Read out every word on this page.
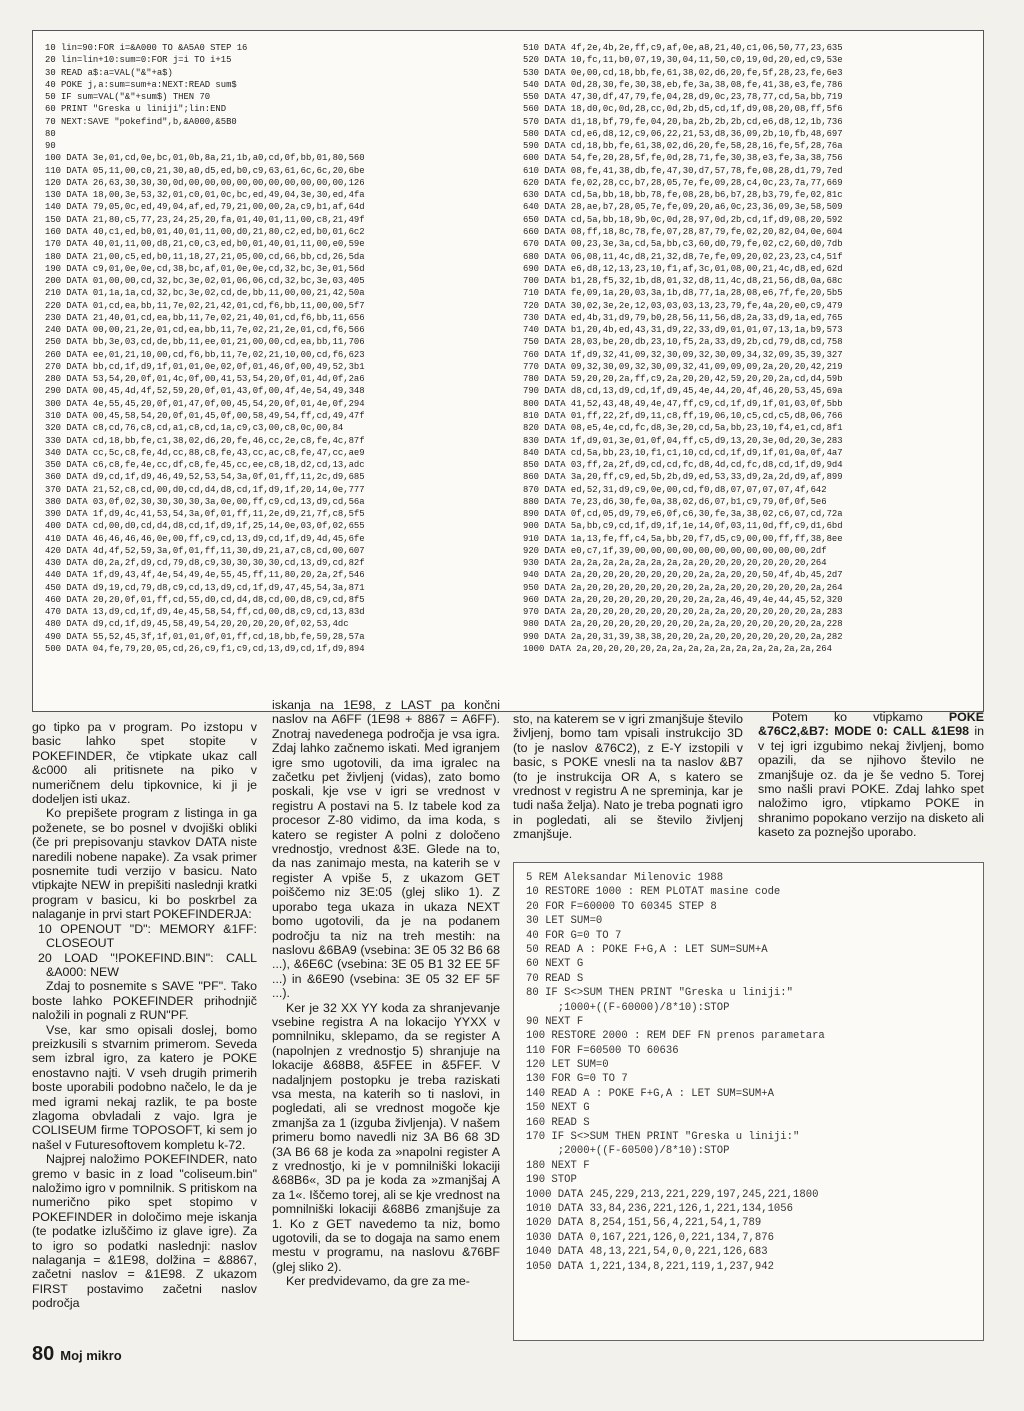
10 lin=90:FOR i=&A000 TO &A5A0 STEP 16
20 lin=lin+10:sum=0:FOR j=i TO i+15
30 READ a$:a=VAL("&"+a$)
40 POKE j,a:sum=sum+a:NEXT:READ sum$
50 IF sum=VAL("&"+sum$) THEN 70
60 PRINT "Greska u liniji";lin:END
70 NEXT:SAVE "pokefind",b,&A000,&5B0
80
90
100 DATA 3e,01,cd,0e,bc,01,0b,8a,21,1b,a0,cd,0f,bb,01,80,560
110 DATA 05,11,00,c0,21,30,a0,d5,ed,b0,c9,63,61,6c,6c,20,6be
120 DATA 26,63,30,30,30,0d,00,00,00,00,00,00,00,00,00,00,126
130 DATA 18,00,3e,53,32,01,c0,01,0c,bc,ed,49,04,3e,30,ed,4fa
140 DATA 79,05,0c,ed,49,04,af,ed,79,21,00,00,2a,c9,b1,af,64d
150 DATA 21,80,c5,77,23,24,25,20,fa,01,40,01,11,00,c8,21,49f
160 DATA 40,c1,ed,b0,01,40,01,11,00,d0,21,80,c2,ed,b0,01,6c2
170 DATA 40,01,11,00,d8,21,c0,c3,ed,b0,01,40,01,11,00,e0,59e
180 DATA 21,00,c5,ed,b0,11,18,27,21,05,00,cd,66,bb,cd,26,5da
190 DATA c9,01,0e,0e,cd,38,bc,af,01,0e,0e,cd,32,bc,3e,01,56d
200 DATA 01,00,00,cd,32,bc,3e,02,01,06,06,cd,32,bc,3e,03,405
210 DATA 01,1a,1a,cd,32,bc,3e,02,cd,de,bb,11,00,00,21,42,50a
220 DATA 01,cd,ea,bb,11,7e,02,21,42,01,cd,f6,bb,11,00,00,5f7
230 DATA 21,40,01,cd,ea,bb,11,7e,02,21,40,01,cd,f6,bb,11,656
240 DATA 00,00,21,2e,01,cd,ea,bb,11,7e,02,21,2e,01,cd,f6,566
250 DATA bb,3e,03,cd,de,bb,11,ee,01,21,00,00,cd,ea,bb,11,706
260 DATA ee,01,21,10,00,cd,f6,bb,11,7e,02,21,10,00,cd,f6,623
270 DATA bb,cd,1f,d9,1f,01,01,0e,02,0f,01,46,0f,00,49,52,3b1
280 DATA 53,54,20,0f,01,4c,0f,00,41,53,54,20,0f,01,4d,0f,2a6
290 DATA 00,45,4d,4f,52,59,20,0f,01,43,0f,00,4f,4e,54,49,348
300 DATA 4e,55,45,20,0f,01,47,0f,00,45,54,20,0f,01,4e,0f,294
310 DATA 00,45,58,54,20,0f,01,45,0f,00,58,49,54,ff,cd,49,47f
320 DATA c8,cd,76,c8,cd,a1,c8,cd,1a,c9,c3,00,c8,0c,00,84
330 DATA cd,18,bb,fe,c1,38,02,d6,20,fe,46,cc,2e,c8,fe,4c,87f
340 DATA cc,5c,c8,fe,4d,cc,88,c8,fe,43,cc,ac,c8,fe,47,cc,ae9
350 DATA c6,c8,fe,4e,cc,df,c8,fe,45,cc,ee,c8,18,d2,cd,13,adc
360 DATA d9,cd,1f,d9,46,49,52,53,54,3a,0f,01,ff,11,2c,d9,685
370 DATA 21,52,c8,cd,00,d0,cd,d4,d8,cd,1f,d9,1f,20,14,0e,777
380 DATA 03,0f,02,30,30,30,30,3a,0e,00,ff,c9,cd,13,d9,cd,56a
390 DATA 1f,d9,4c,41,53,54,3a,0f,01,ff,11,2e,d9,21,7f,c8,5f5
400 DATA cd,00,d0,cd,d4,d8,cd,1f,d9,1f,25,14,0e,03,0f,02,655
410 DATA 46,46,46,46,0e,00,ff,c9,cd,13,d9,cd,1f,d9,4d,45,6fe
420 DATA 4d,4f,52,59,3a,0f,01,ff,11,30,d9,21,a7,c8,cd,00,607
430 DATA d0,2a,2f,d9,cd,79,d8,c9,30,30,30,30,cd,13,d9,cd,82f
440 DATA 1f,d9,43,4f,4e,54,49,4e,55,45,ff,11,80,20,2a,2f,546
450 DATA d9,19,cd,79,d8,c9,cd,13,d9,cd,1f,d9,47,45,54,3a,871
460 DATA 20,20,0f,01,ff,cd,55,d0,cd,d4,d8,cd,00,d8,c9,cd,8f5
470 DATA 13,d9,cd,1f,d9,4e,45,58,54,ff,cd,00,d8,c9,cd,13,83d
480 DATA d9,cd,1f,d9,45,58,49,54,20,20,20,20,0f,02,53,4dc
490 DATA 55,52,45,3f,1f,01,01,0f,01,ff,cd,18,bb,fe,59,28,57a
500 DATA 04,fe,79,20,05,cd,26,c9,f1,c9,cd,13,d9,cd,1f,d9,894
510 DATA 4f,2e,4b,2e,ff,c9,af,0e,a8,21,40,c1,06,50,77,23,635
520 DATA 10,fc,11,b0,07,19,30,04,11,50,c0,19,0d,20,ed,c9,53e
530 DATA 0e,00,cd,18,bb,fe,61,38,02,d6,20,fe,5f,28,23,fe,6e3
540 DATA 0d,28,30,fe,30,38,eb,fe,3a,38,08,fe,41,38,e3,fe,786
550 DATA 47,30,df,47,79,fe,04,28,d9,0c,23,78,77,cd,5a,bb,719
560 DATA 18,d0,0c,0d,28,cc,0d,2b,d5,cd,1f,d9,08,20,08,ff,5f6
570 DATA d1,18,bf,79,fe,04,20,ba,2b,2b,2b,cd,e6,d8,12,1b,736
580 DATA cd,e6,d8,12,c9,06,22,21,53,d8,36,09,2b,10,fb,48,697
590 DATA cd,18,bb,fe,61,38,02,d6,20,fe,58,28,16,fe,5f,28,76a
600 DATA 54,fe,20,28,5f,fe,0d,28,71,fe,30,38,e3,fe,3a,38,756
610 DATA 08,fe,41,38,db,fe,47,30,d7,57,78,fe,08,28,d1,79,7ed
620 DATA fe,02,28,cc,b7,28,05,7e,fe,09,28,c4,0c,23,7a,77,669
630 DATA cd,5a,bb,18,bb,78,fe,08,28,b6,b7,28,b3,79,fe,02,81c
640 DATA 28,ae,b7,28,05,7e,fe,09,20,a6,0c,23,36,09,3e,58,509
650 DATA cd,5a,bb,18,9b,0c,0d,28,97,0d,2b,cd,1f,d9,08,20,592
660 DATA 08,ff,18,8c,78,fe,07,28,87,79,fe,02,20,82,04,0e,604
670 DATA 00,23,3e,3a,cd,5a,bb,c3,60,d0,79,fe,02,c2,60,d0,7db
680 DATA 06,08,11,4c,d8,21,32,d8,7e,fe,09,20,02,23,23,c4,51f
690 DATA e6,d8,12,13,23,10,f1,af,3c,01,08,00,21,4c,d8,ed,62d
700 DATA b1,28,f5,32,1b,d8,01,32,d8,11,4c,d8,21,56,d8,0a,68c
710 DATA fe,09,1a,20,03,3a,1b,d8,77,1a,28,08,e6,7f,fe,20,5b5
720 DATA 30,02,3e,2e,12,03,03,03,13,23,79,fe,4a,20,e0,c9,479
730 DATA ed,4b,31,d9,79,b0,28,56,11,56,d8,2a,33,d9,1a,ed,765
740 DATA b1,20,4b,ed,43,31,d9,22,33,d9,01,01,07,13,1a,b9,573
750 DATA 28,03,be,20,db,23,10,f5,2a,33,d9,2b,cd,79,d8,cd,758
760 DATA 1f,d9,32,41,09,32,30,09,32,30,09,34,32,09,35,39,327
770 DATA 09,32,30,09,32,30,09,32,41,09,09,09,2a,20,20,42,219
780 DATA 59,20,20,2a,ff,c9,2a,20,20,42,59,20,20,2a,cd,d4,59b
790 DATA d8,cd,13,d9,cd,1f,d9,45,4e,44,20,4f,46,20,53,45,69a
800 DATA 41,52,43,48,49,4e,47,ff,c9,cd,1f,d9,1f,01,03,0f,5bb
810 DATA 01,ff,22,2f,d9,11,c8,ff,19,06,10,c5,cd,c5,d8,06,766
820 DATA 08,e5,4e,cd,fc,d8,3e,20,cd,5a,bb,23,10,f4,e1,cd,8f1
830 DATA 1f,d9,01,3e,01,0f,04,ff,c5,d9,13,20,3e,0d,20,3e,283
840 DATA cd,5a,bb,23,10,f1,c1,10,cd,cd,1f,d9,1f,01,0a,0f,4a7
850 DATA 03,ff,2a,2f,d9,cd,cd,fc,d8,4d,cd,fc,d8,cd,1f,d9,9d4
860 DATA 3a,20,ff,c9,ed,5b,2b,d9,ed,53,33,d9,2a,2d,d9,af,899
870 DATA ed,52,31,d9,c9,0e,00,cd,f0,d8,07,07,07,07,4f,642
880 DATA 7e,23,d6,30,fe,0a,38,02,d6,07,b1,c9,79,0f,0f,5e6
890 DATA 0f,cd,05,d9,79,e6,0f,c6,30,fe,3a,38,02,c6,07,cd,72a
900 DATA 5a,bb,c9,cd,1f,d9,1f,1e,14,0f,03,11,0d,ff,c9,d1,6bd
910 DATA 1a,13,fe,ff,c4,5a,bb,20,f7,d5,c9,00,00,ff,ff,38,8ee
920 DATA e0,c7,1f,39,00,00,00,00,00,00,00,00,00,00,00,2df
930 DATA 2a,2a,2a,2a,2a,2a,2a,2a,20,20,20,20,20,20,20,264
940 DATA 2a,20,20,20,20,20,20,20,2a,2a,20,20,50,4f,4b,45,2d7
950 DATA 2a,20,20,20,20,20,20,20,2a,2a,20,20,20,20,20,2a,264
960 DATA 2a,20,20,20,20,20,20,20,2a,2a,46,49,4e,44,45,52,320
970 DATA 2a,20,20,20,20,20,20,20,2a,2a,20,20,20,20,20,2a,283
980 DATA 2a,20,20,20,20,20,20,20,2a,2a,20,20,20,20,20,2a,228
990 DATA 2a,20,31,39,38,38,20,20,2a,20,20,20,20,20,20,2a,282
1000 DATA 2a,20,20,20,20,2a,2a,2a,2a,2a,2a,2a,2a,2a,2a,264

go tipko pa v program. Po izstopu v basic lahko spet stopite v POKEFINDER, če vtipkate ukaz call &c000 ali pritisnete na piko v numeričnem delu tipkovnice, ki ji je dodeljen isti ukaz.

Ko prepišete program z listinga in ga poženete, se bo posnel v dvojiški obliki (če pri prepisovanju stavkov DATA niste naredili nobene napake). Za vsak primer posnemite tudi verzijo v basicu. Nato vtipkajte NEW in prepišiti naslednji kratki program v basicu, ki bo poskrbel za nalaganje in prvi start POKEFINDERJA:

10 OPENOUT "D": MEMORY &1FF: CLOSEOUT

20 LOAD "!POKEFIND.BIN": CALL &A000: NEW

Zdaj to posnemite s SAVE "PF". Tako boste lahko POKEFINDER prihodnjič naložili in pognali z RUN"PF.

Vse, kar smo opisali doslej, bomo preizkusili s stvarnim primerom. Seveda sem izbral igro, za katero je POKE enostavno najti. V vseh drugih primerih boste uporabili podobno načelo, le da je med igrami nekaj razlik, te pa boste zlagoma obvladali z vajo. Igra je COLISEUM firme TOPOSOFT, ki sem jo našel v Futuresoftovem kompletu k-72.

Najprej naložimo POKEFINDER, nato gremo v basic in z load "coliseum.bin" naložimo igro v pomnilnik. S pritiskom na numerično piko spet stopimo v POKEFINDER in določimo meje iskanja (te podatke izluščimo iz glave igre). Za to igro so podatki naslednji: naslov nalaganja = &1E98, dolžina = &8867, začetni naslov = &1E98. Z ukazom FIRST postavimo začetni naslov področja

iskanja na 1E98, z LAST pa končni naslov na A6FF (1E98 + 8867 = A6FF). Znotraj navedenega področja je vsa igra. Zdaj lahko začnemo iskati. Med igranjem igre smo ugotovili, da ima igralec na začetku pet življenj (vidas), zato bomo poskali, kje vse v igri se vrednost v registru A postavi na 5. Iz tabele kod za procesor Z-80 vidimo, da ima koda, s katero se register A polni z določeno vrednostjo, vrednost &3E. Glede na to, da nas zanimajo mesta, na katerih se v register A vpiše 5, z ukazom GET poiščemo niz 3E:05 (glej sliko 1). Z uporabo tega ukaza in ukaza NEXT bomo ugotovili, da je na podanem področju ta niz na treh mestih: na naslovu &6BA9 (vsebina: 3E 05 32 B6 68 ...), &6E6C (vsebina: 3E 05 B1 32 EE 5F ...) in &6E90 (vsebina: 3E 05 32 EF 5F ...).

Ker je 32 XX YY koda za shranjevanje vsebine registra A na lokacijo YYXX v pomnilniku, sklepamo, da se register A (napolnjen z vrednostjo 5) shranjuje na lokacije &68B8, &5FEE in &5FEF. V nadaljnjem postopku je treba raziskati vsa mesta, na katerih so ti naslovi, in pogledati, ali se vrednost mogoče kje zmanjša za 1 (izguba življenja). V našem primeru bomo navedli niz 3A B6 68 3D (3A B6 68 je koda za »napolni register A z vrednostjo, ki je v pomnilniški lokaciji &68B6«, 3D pa je koda za »zmanjšaj A za 1«. Iščemo torej, ali se kje vrednost na pomnilniški lokaciji &68B6 zmanjšuje za 1. Ko z GET navedemo ta niz, bomo ugotovili, da se to dogaja na samo enem mestu v programu, na naslovu &76BF (glej sliko 2).

Ker predvidevamo, da gre za me-

sto, na katerem se v igri zmanjšuje število življenj, bomo tam vpisali instrukcijo 3D (to je naslov &76C2), z E-Y izstopili v basic, s POKE vnesli na ta naslov &B7 (to je instrukcija OR A, s katero se vrednost v registru A ne spreminja, kar je tudi naša želja). Nato je treba pognati igro in pogledati, ali se število življenj zmanjšuje.

Potem ko vtipkamo POKE &76C2,&B7: MODE 0: CALL &1E98 in v tej igri izgubimo nekaj življenj, bomo opazili, da se njihovo število ne zmanjšuje oz. da je še vedno 5. Torej smo našli pravi POKE. Zdaj lahko spet naložimo igro, vtipkamo POKE in shranimo popokano verzijo na disketo ali kaseto za poznejšo uporabo.

5 REM Aleksandar Milenovic 1988
10 RESTORE 1000 : REM PLOTAT masine code
20 FOR F=60000 TO 60345 STEP 8
30 LET SUM=0
40 FOR G=0 TO 7
50 READ A : POKE F+G,A : LET SUM=SUM+A
60 NEXT G
70 READ S
80 IF S<>SUM THEN PRINT "Greska u liniji:"
;1000+((F-60000)/8*10):STOP
90 NEXT F
100 RESTORE 2000 : REM DEF FN prenos parametara
110 FOR F=60500 TO 60636
120 LET SUM=0
130 FOR G=0 TO 7
140 READ A : POKE F+G,A : LET SUM=SUM+A
150 NEXT G
160 READ S
170 IF S<>SUM THEN PRINT "Greska u liniji:"
;2000+((F-60500)/8*10):STOP
180 NEXT F
190 STOP
1000 DATA 245,229,213,221,229,197,245,221,1800
1010 DATA 33,84,236,221,126,1,221,134,1056
1020 DATA 8,254,151,56,4,221,54,1,789
1030 DATA 0,167,221,126,0,221,134,7,876
1040 DATA 48,13,221,54,0,0,221,126,683
1050 DATA 1,221,134,8,221,119,1,237,942
80 Moj mikro
